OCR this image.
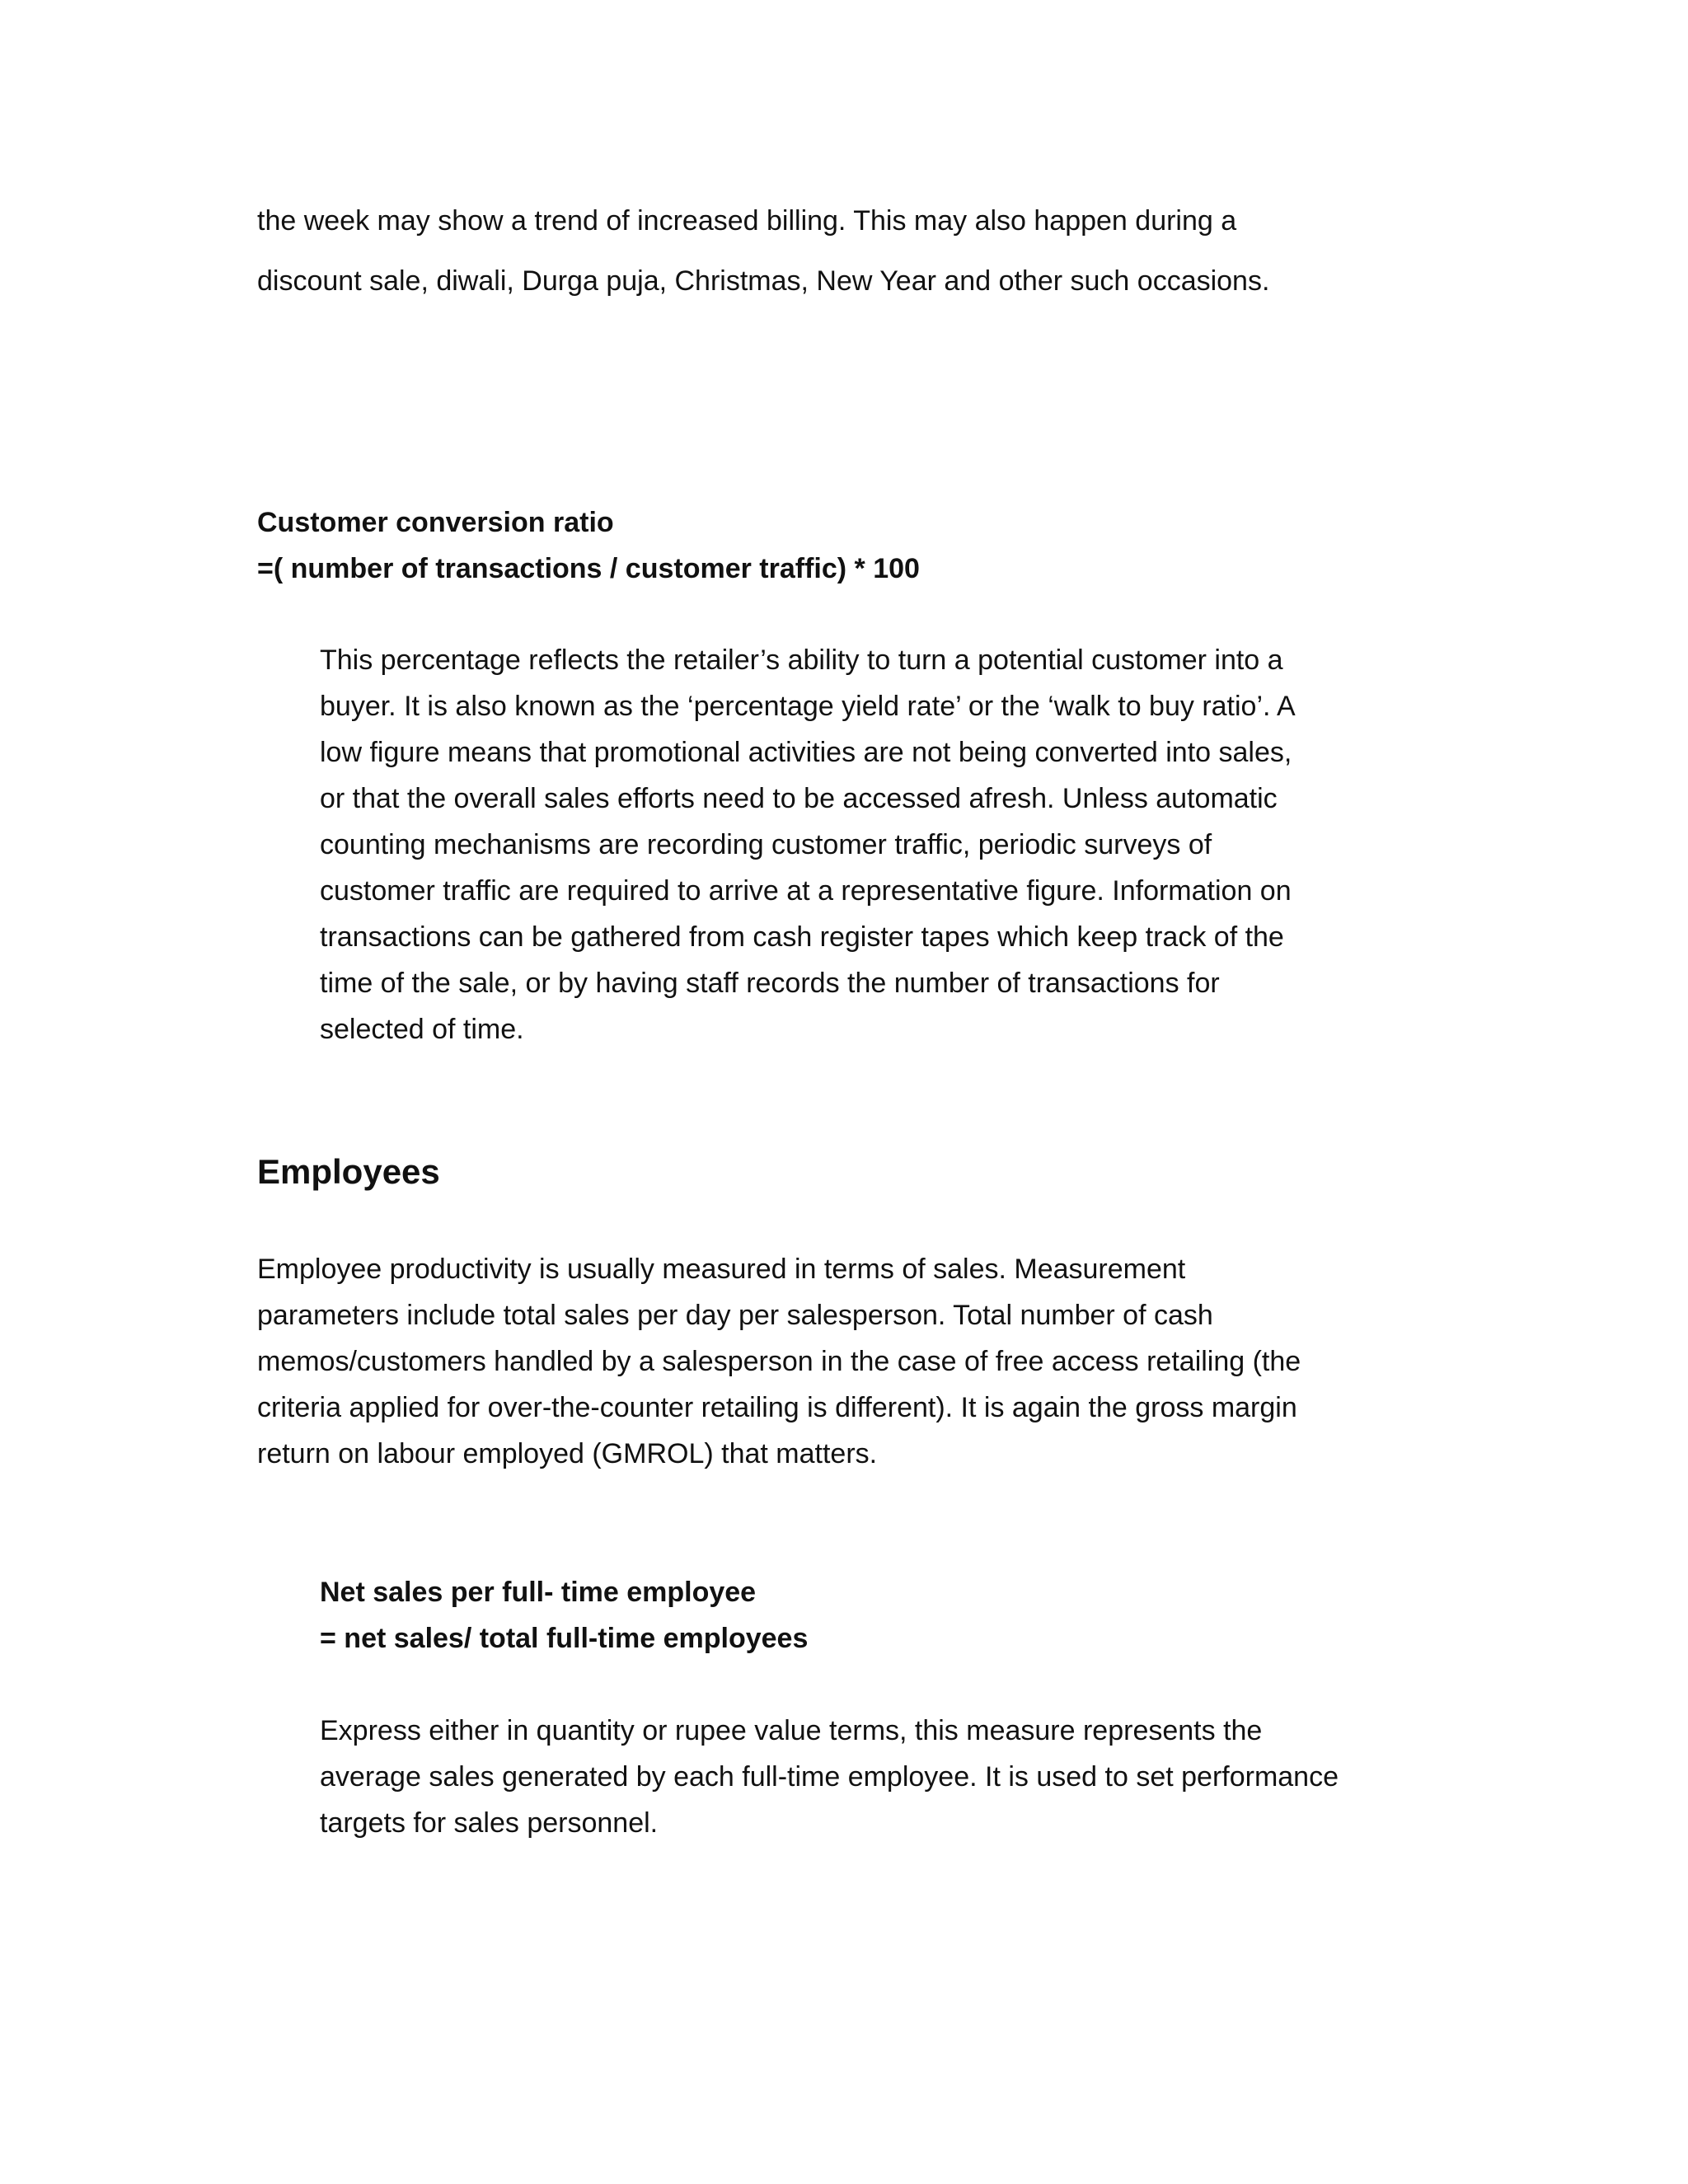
the week may show a trend of increased billing. This may also happen during a
discount sale, diwali, Durga puja, Christmas, New Year and other such occasions.
Customer conversion ratio
=( number of transactions / customer traffic) * 100
This percentage reflects the retailer’s ability to turn a potential customer into a
buyer. It is also known as the ‘percentage yield rate’ or the ‘walk to buy ratio’. A
low figure means that promotional activities are not being converted into sales,
or that the overall sales efforts need to be accessed afresh. Unless automatic
counting mechanisms are recording customer traffic, periodic surveys of
customer traffic are required to arrive at a representative figure. Information on
transactions can be gathered from cash register tapes which keep track of the
time of the sale, or by having staff records the number of transactions for
selected of time.
Employees
Employee productivity is usually measured in terms of sales. Measurement
parameters include total sales per day per salesperson. Total number of cash
memos/customers handled by a salesperson in the case of free access retailing (the
criteria applied for over-the-counter retailing is different). It is again the gross margin
return on labour employed (GMROL) that matters.
Net sales per full- time employee
= net sales/ total full-time employees
Express either in quantity or rupee value terms, this measure represents the
average sales generated by each full-time employee. It is used to set performance
targets for sales personnel.
